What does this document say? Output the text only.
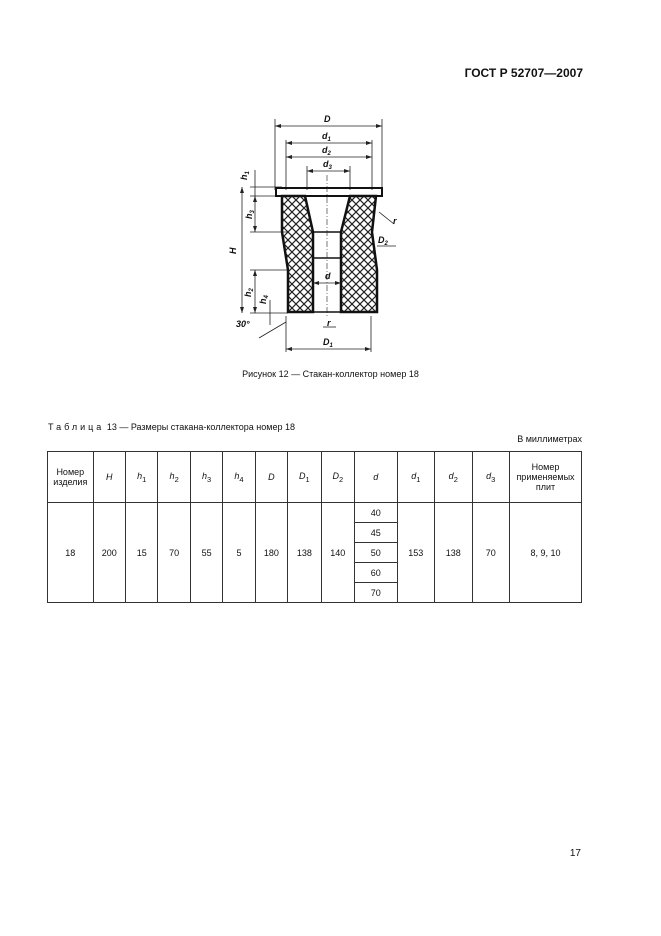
ГОСТ Р 52707—2007
D
$d_1$
$d_2$
$d_3$
$h_1$
$h_3$
H
$h_2$
$h_4$
r
$D_2$
d
r
30°
$D_1$
Рисунок 12 — Стакан-коллектор номер 18
Таблица 13 — Размеры стакана-коллектора номер 18
В миллиметрах
Номер изделия	H	$h_1$	$h_2$	$h_3$	$h_4$	D	$D_1$	$D_2$	d	$d_1$	$d_2$	$d_3$	Номер применяемых плит
18	200	15	70	55	5	180	138	140	40	153	138	70	8, 9, 10
									45				
									50				
									60				
									70				
17
